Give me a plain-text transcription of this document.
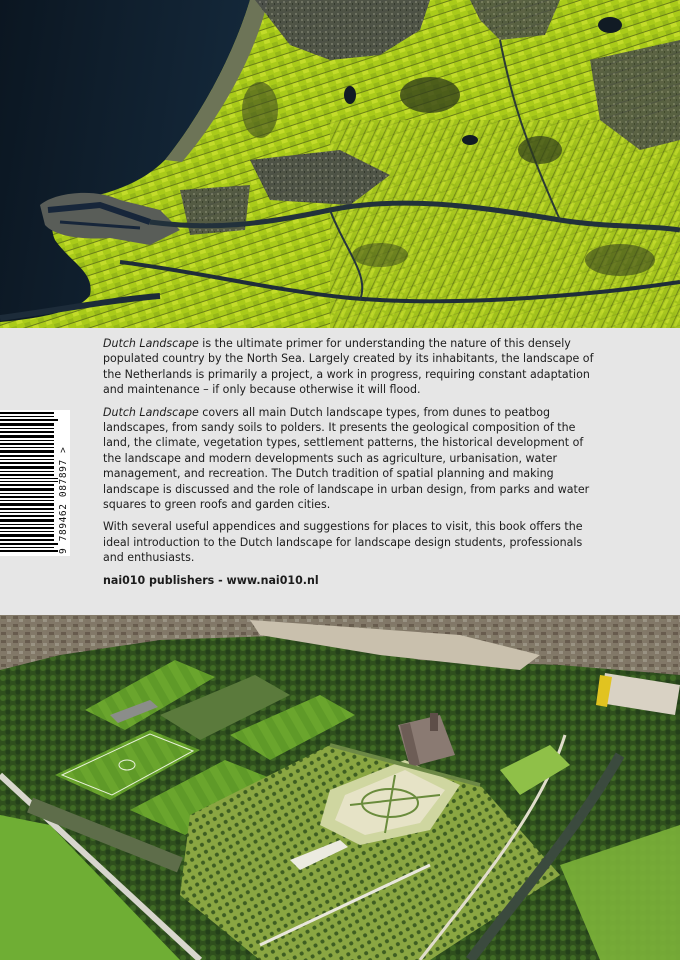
9 789462 087897 >

Dutch Landscape is the ultimate primer for understanding the nature of this densely populated country by the North Sea. Largely created by its inhabitants, the landscape of the Netherlands is primarily a project, a work in progress, requiring constant adaptation and maintenance – if only because otherwise it will flood.

Dutch Landscape covers all main Dutch landscape types, from dunes to peatbog landscapes, from sandy soils to polders. It presents the geological composition of the land, the climate, vegetation types, settlement patterns, the historical development of the landscape and modern developments such as agriculture, urbanisation, water management, and recreation. The Dutch tradition of spatial planning and making landscape is discussed and the role of landscape in urban design, from parks and water squares to green roofs and garden cities.

With several useful appendices and suggestions for places to visit, this book offers the ideal introduction to the Dutch landscape for landscape design students, professionals and enthusiasts.

nai010 publishers - www.nai010.nl
